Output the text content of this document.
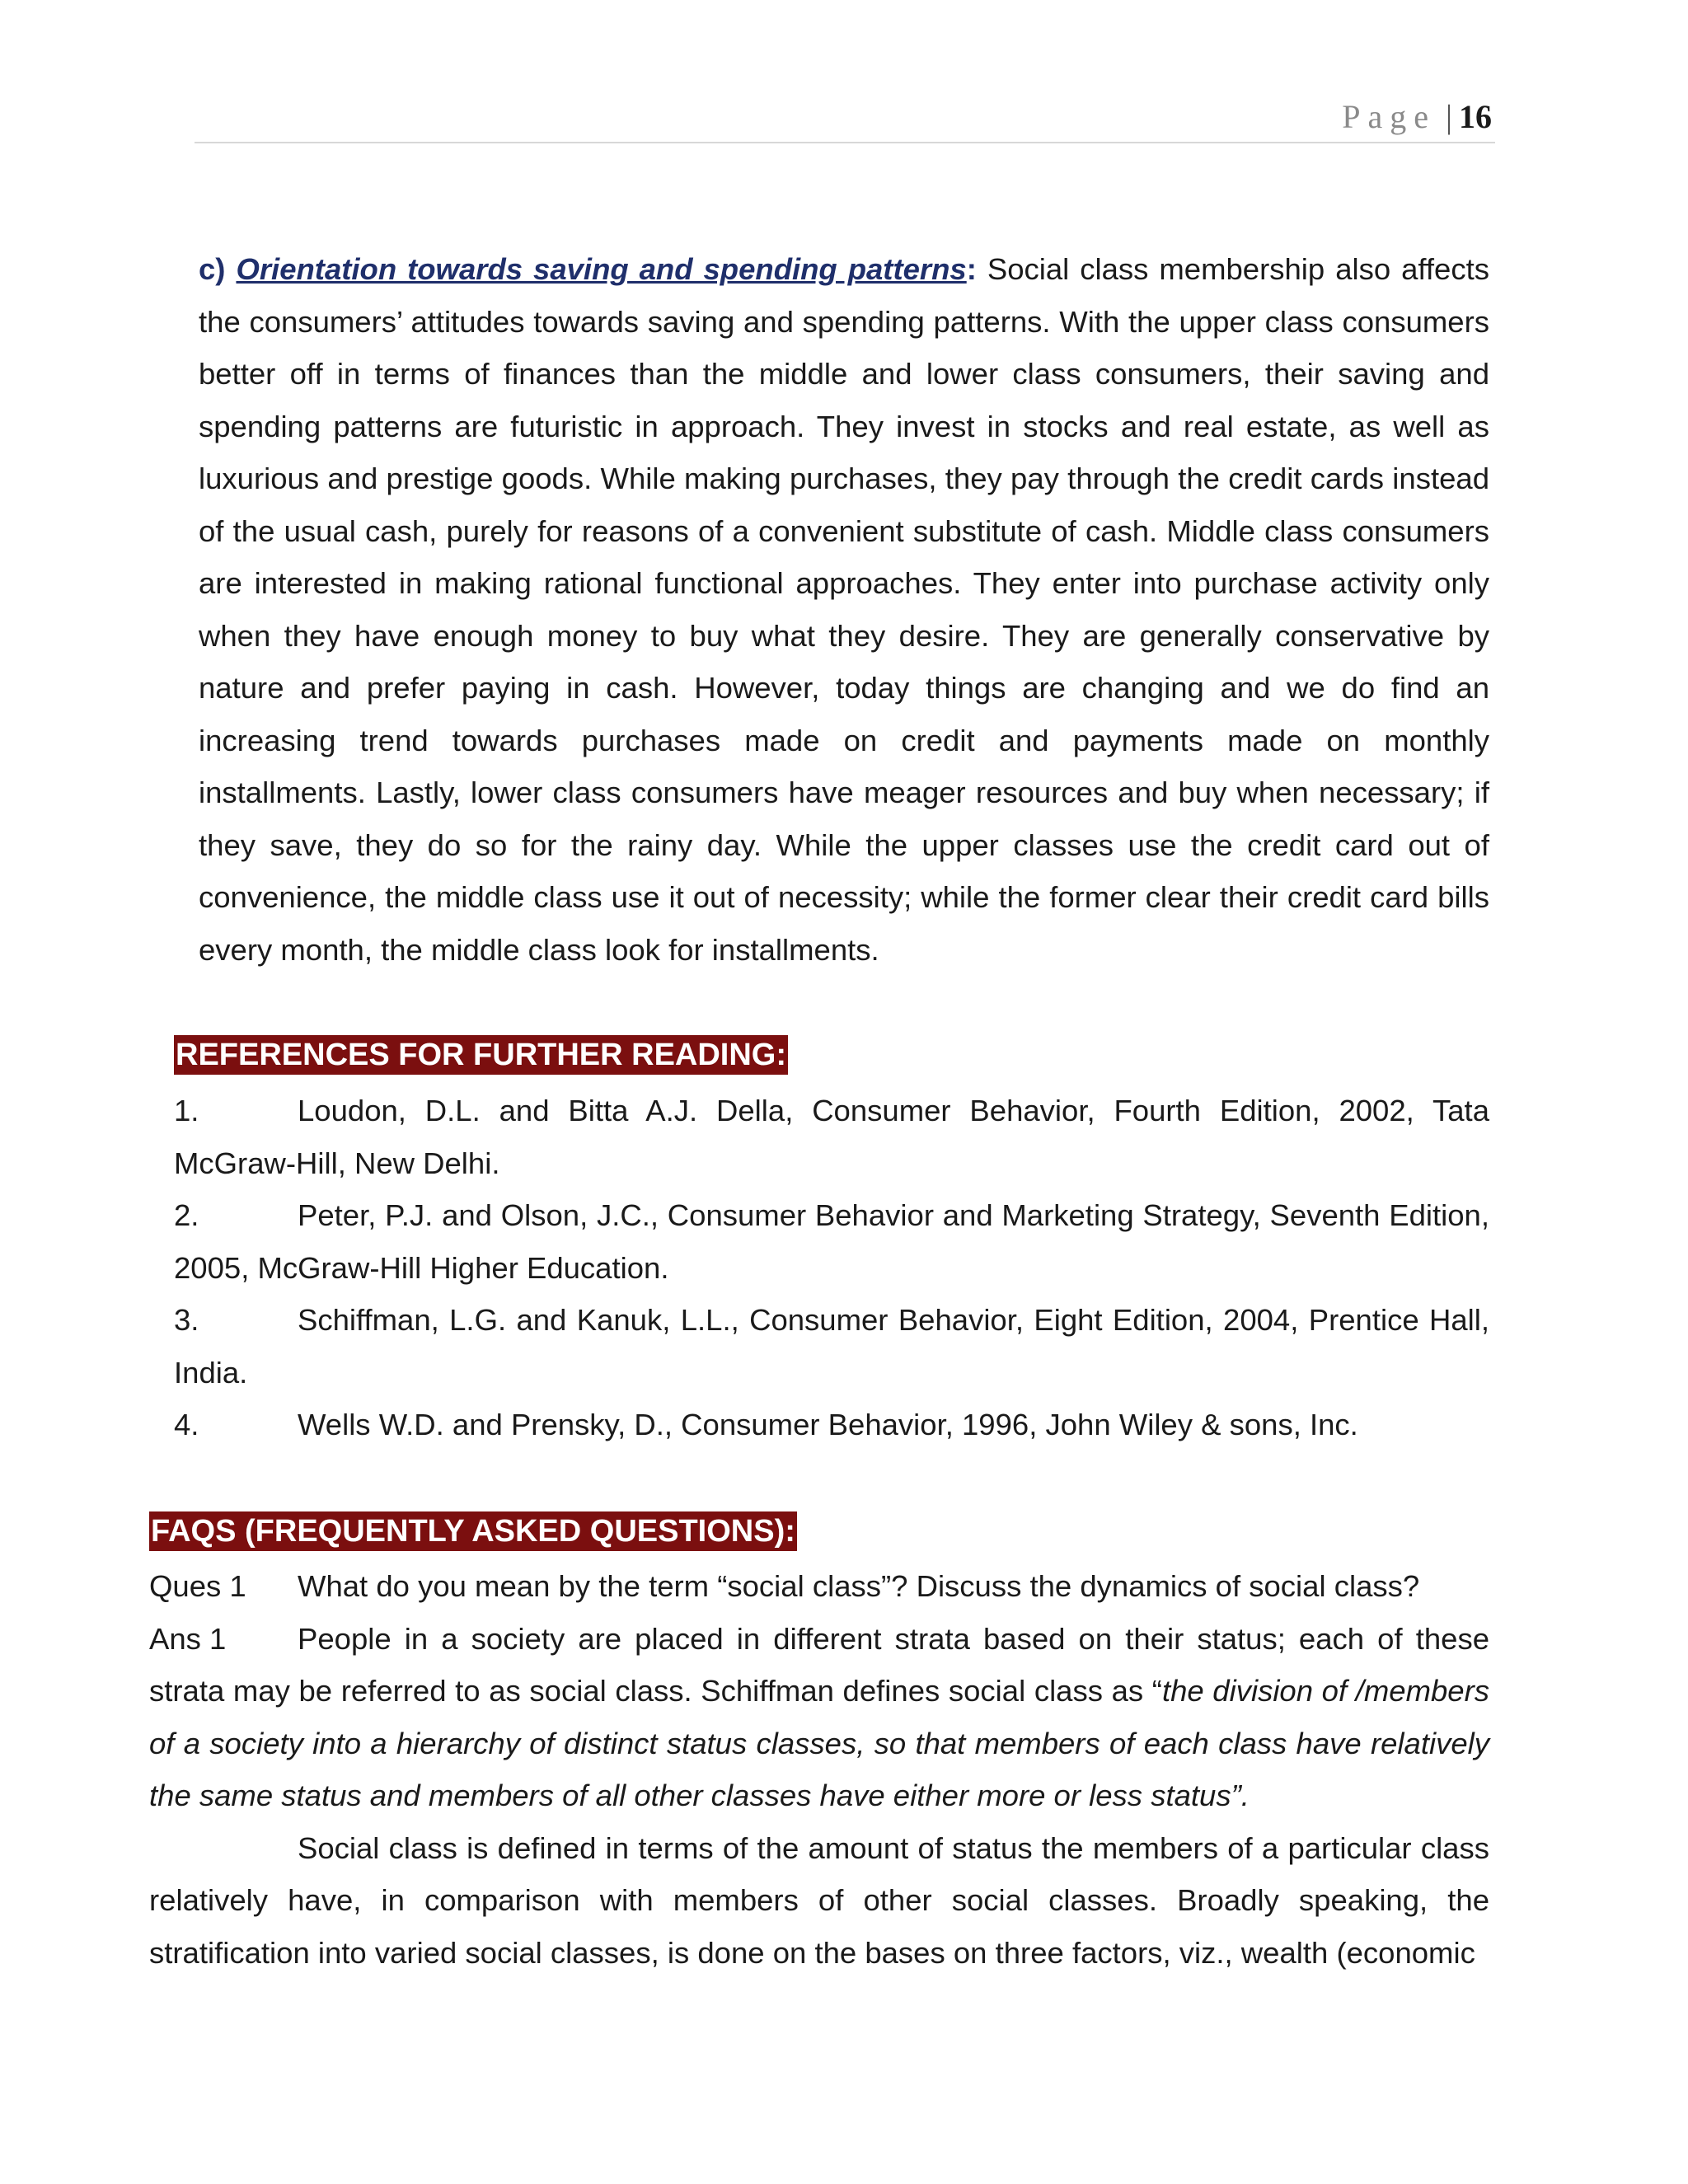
Page | 16
c) Orientation towards saving and spending patterns: Social class membership also affects the consumers’ attitudes towards saving and spending patterns. With the upper class consumers better off in terms of finances than the middle and lower class consumers, their saving and spending patterns are futuristic in approach. They invest in stocks and real estate, as well as luxurious and prestige goods. While making purchases, they pay through the credit cards instead of the usual cash, purely for reasons of a convenient substitute of cash. Middle class consumers are interested in making rational functional approaches. They enter into purchase activity only when they have enough money to buy what they desire. They are generally conservative by nature and prefer paying in cash. However, today things are changing and we do find an increasing trend towards purchases made on credit and payments made on monthly installments. Lastly, lower class consumers have meager resources and buy when necessary; if they save, they do so for the rainy day. While the upper classes use the credit card out of convenience, the middle class use it out of necessity; while the former clear their credit card bills every month, the middle class look for installments.
REFERENCES FOR FURTHER READING:

1.	Loudon, D.L. and Bitta A.J. Della, Consumer Behavior, Fourth Edition, 2002, Tata McGraw-Hill, New Delhi.

2.	Peter, P.J. and Olson, J.C., Consumer Behavior and Marketing Strategy, Seventh Edition, 2005, McGraw-Hill Higher Education.

3.	Schiffman, L.G. and Kanuk, L.L., Consumer Behavior, Eight Edition, 2004, Prentice Hall, India.

4.	Wells W.D. and Prensky, D., Consumer Behavior, 1996, John Wiley & sons, Inc.

FAQS (FREQUENTLY ASKED QUESTIONS):

Ques 1 What do you mean by the term “social class”? Discuss the dynamics of social class?

Ans 1 People in a society are placed in different strata based on their status; each of these strata may be referred to as social class. Schiffman defines social class as “the division of /members of a society into a hierarchy of distinct status classes, so that members of each class have relatively the same status and members of all other classes have either more or less status”.

Social class is defined in terms of the amount of status the members of a particular class relatively have, in comparison with members of other social classes. Broadly speaking, the stratification into varied social classes, is done on the bases on three factors, viz., wealth (economic
